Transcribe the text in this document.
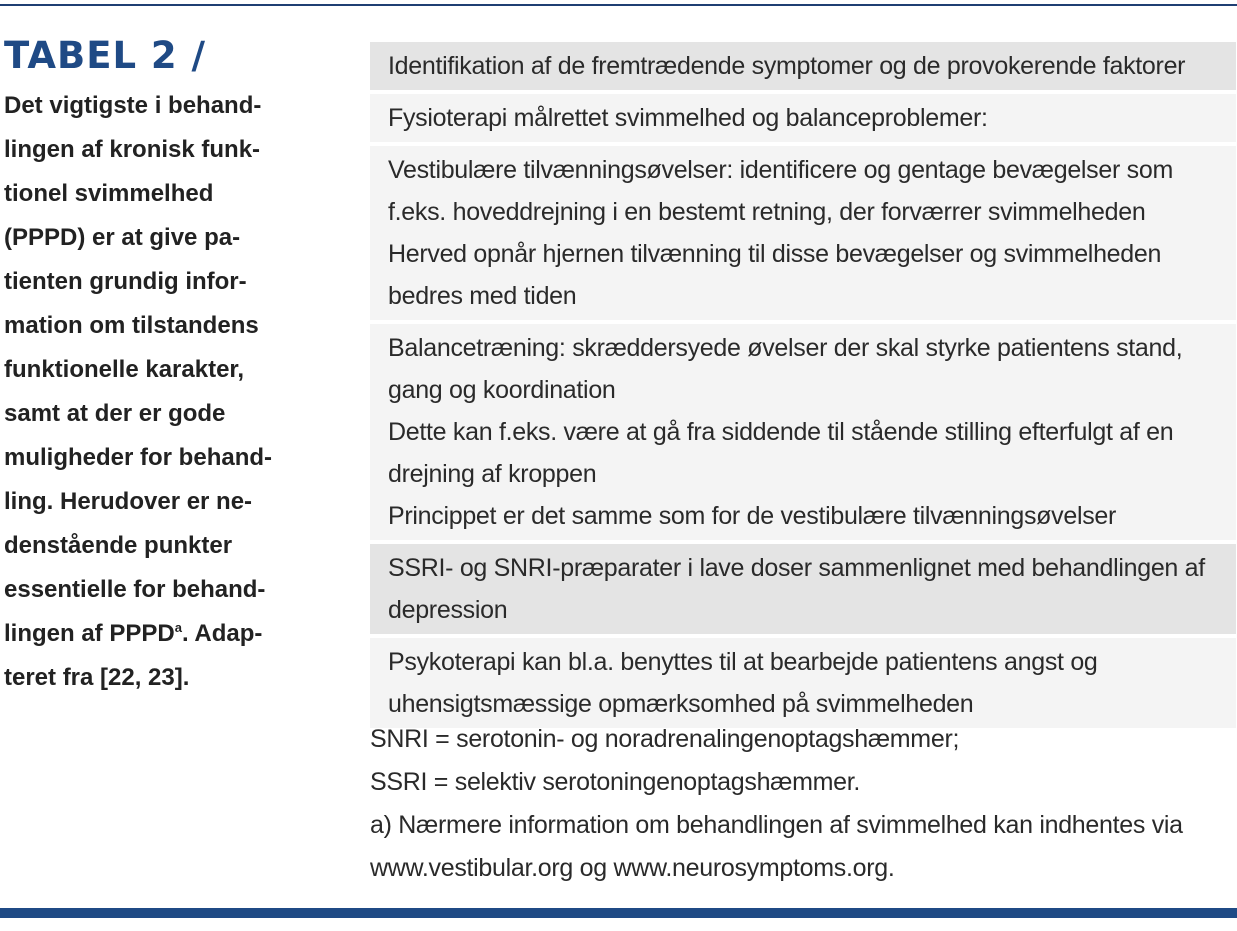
TABEL 2 /

Det vigtigste i behand-
lingen af kronisk funk-
tionel svimmelhed
(PPPD) er at give pa-
tienten grundig infor-
mation om tilstandens
funktionelle karakter,
samt at der er gode
muligheder for behand-
ling. Herudover er ne-
denstående punkter
essentielle for behand-
lingen af PPPD$^a$. Adap-
teret fra [22, 23].

Identifikation af de fremtrædende symptomer og de provokerende faktorer

Fysioterapi målrettet svimmelhed og balanceproblemer:

Vestibulære tilvænningsøvelser: identificere og gentage bevægelser som f.eks. hoveddrejning i en bestemt retning, der forværrer svimmelheden

Herved opnår hjernen tilvænning til disse bevægelser og svimmelheden bedres med tiden

Balancetræning: skræddersyede øvelser der skal styrke patientens stand, gang og koordination

Dette kan f.eks. være at gå fra siddende til stående stilling efterfulgt af en drejning af kroppen

Princippet er det samme som for de vestibulære tilvænningsøvelser

SSRI- og SNRI-præparater i lave doser sammenlignet med behandlingen af depression

Psykoterapi kan bl.a. benyttes til at bearbejde patientens angst og uhensigtsmæssige opmærksomhed på svimmelheden

SNRI = serotonin- og noradrenalingenoptagshæmmer;

SSRI = selektiv serotoningenoptagshæmmer.

a) Nærmere information om behandlingen af svimmelhed kan indhentes via www.vestibular.org og www.neurosymptoms.org.
